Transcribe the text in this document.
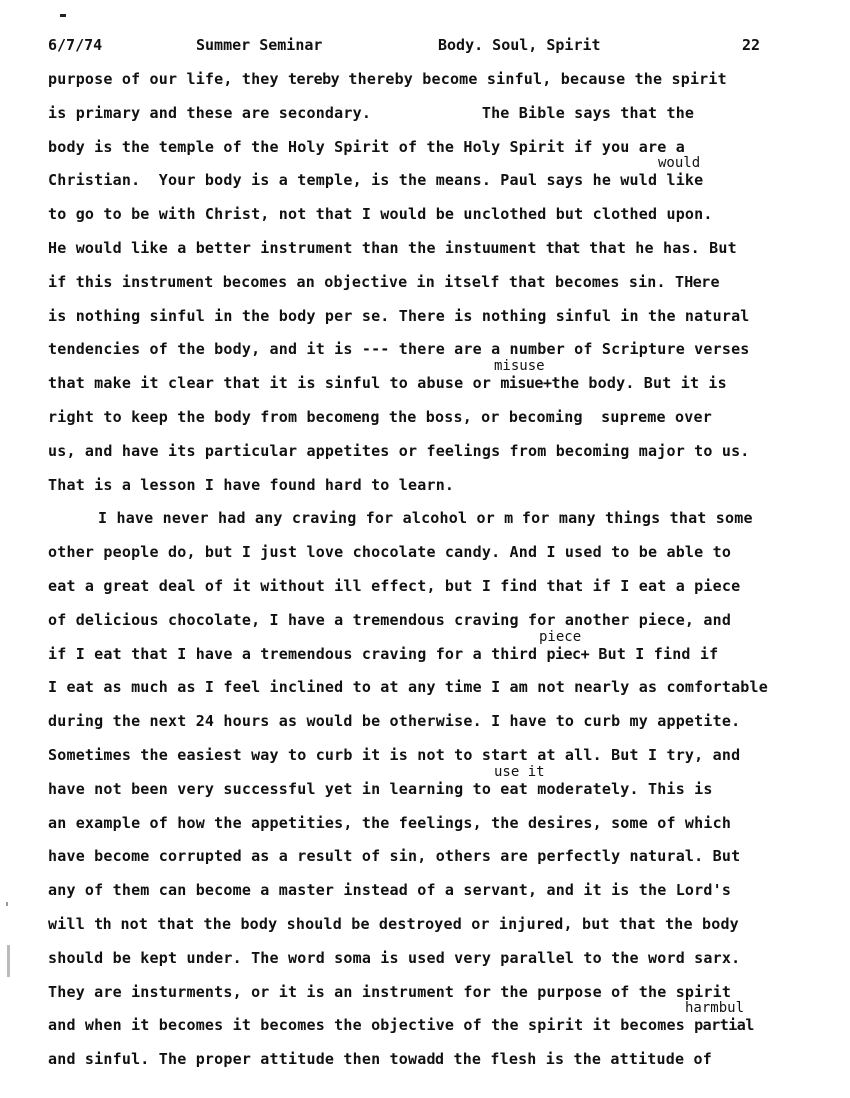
6/7/74	Summer Seminar	Body. Soul, Spirit	22
purpose of our life, they tereby thereby become sinful, because the spirit
is primary and these are secondary.            The Bible says that the
body is the temple of the Holy Spirit of the Holy Spirit if you are a
Christian.  Your body is a temple, is the means. Paul says he wuld like
would
to go to be with Christ, not that I would be unclothed but clothed upon.
He would like a better instrument than the instuument that that he has. But
if this instrument becomes an objective in itself that becomes sin. THere
is nothing sinful in the body per se. There is nothing sinful in the natural
tendencies of the body, and it is --- there are a number of Scripture verses
that make it clear that it is sinful to abuse or misue+the body. But it is
misuse
right to keep the body from becomeng the boss, or becoming  supreme over
us, and have its particular appetites or feelings from becoming major to us.
That is a lesson I have found hard to learn.
I have never had any craving for alcohol or m for many things that some
other people do, but I just love chocolate candy. And I used to be able to
eat a great deal of it without ill effect, but I find that if I eat a piece
of delicious chocolate, I have a tremendous craving for another piece, and
if I eat that I have a tremendous craving for a third piec+ But I find if
piece
I eat as much as I feel inclined to at any time I am not nearly as comfortable
during the next 24 hours as would be otherwise. I have to curb my appetite.
Sometimes the easiest way to curb it is not to start at all. But I try, and
have not been very successful yet in learning to eat moderately. This is
use it
an example of how the appetities, the feelings, the desires, some of which
have become corrupted as a result of sin, others are perfectly natural. But
any of them can become a master instead of a servant, and it is the Lord's
will th not that the body should be destroyed or injured, but that the body
should be kept under. The word soma is used very parallel to the word sarx.
They are insturments, or it is an instrument for the purpose of the spirit
and when it becomes it becomes the objective of the spirit it becomes partial
harmbul
and sinful. The proper attitude then towadd the flesh is the attitude of
